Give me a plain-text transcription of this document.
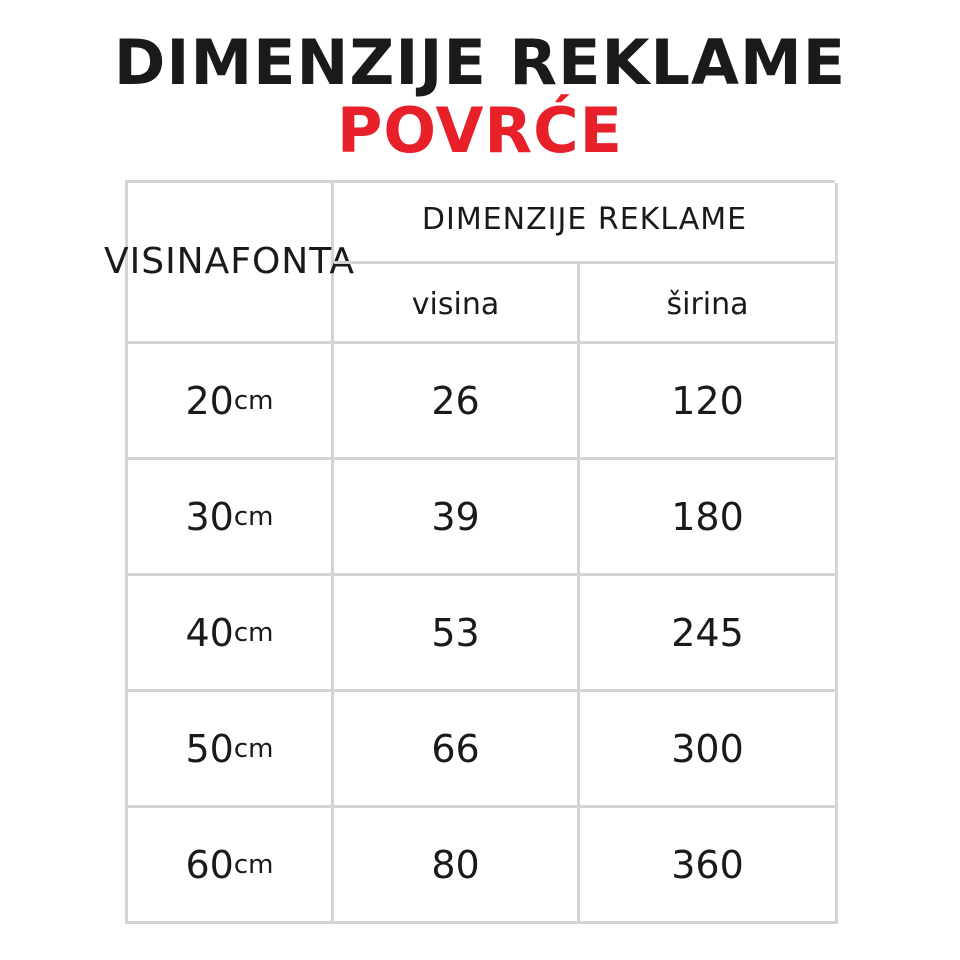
DIMENZIJE REKLAME
POVRĆE
VISINA FONTA
DIMENZIJE REKLAME
visina	širina
20 cm	26	120
30 cm	39	180
40 cm	53	245
50 cm	66	300
60 cm	80	360
